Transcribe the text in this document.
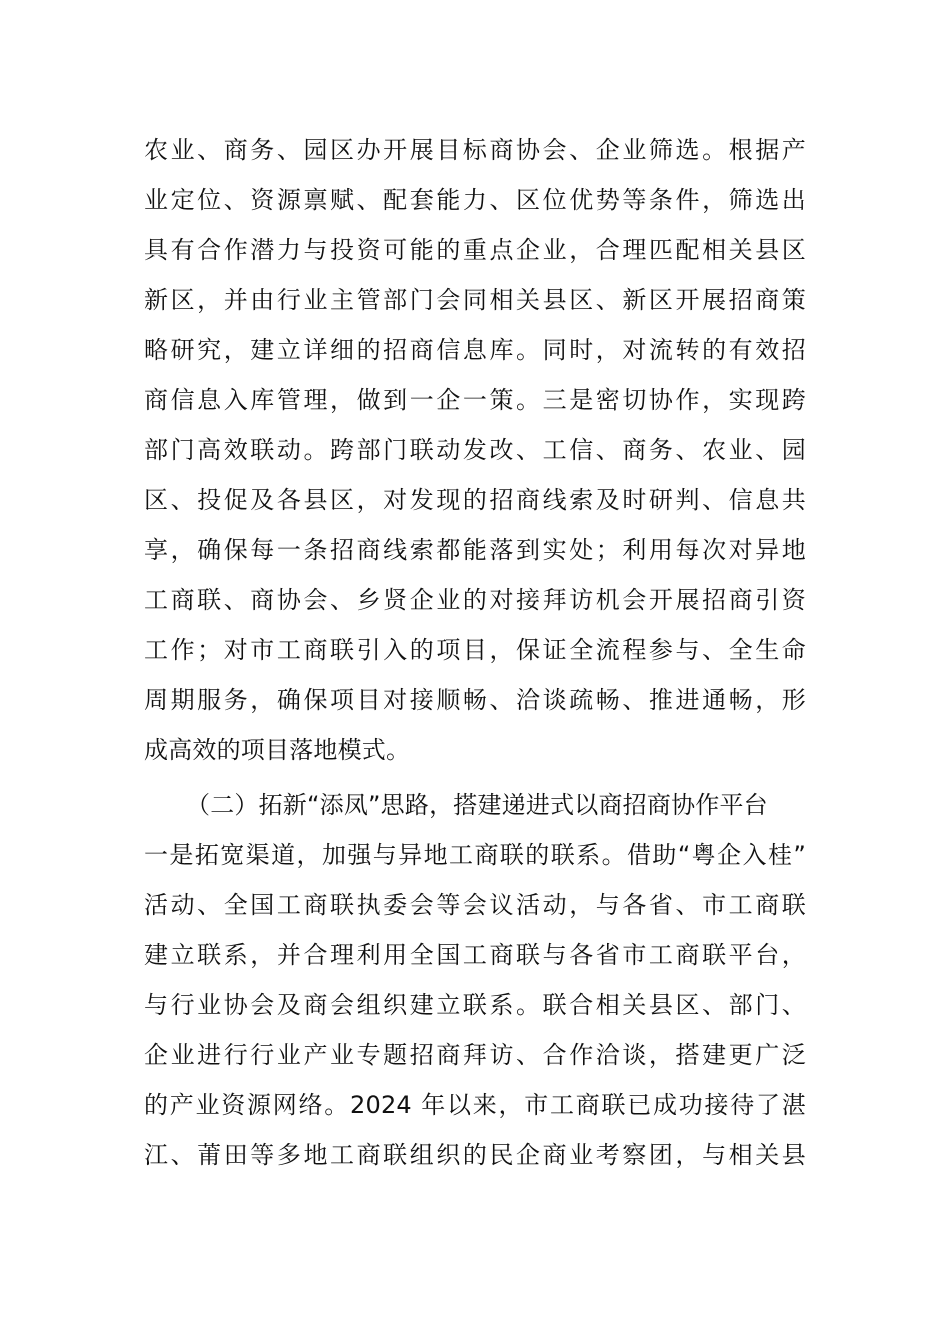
农业、商务、园区办开展目标商协会、企业筛选。根据产
业定位、资源禀赋、配套能力、区位优势等条件，筛选出
具有合作潜力与投资可能的重点企业，合理匹配相关县区
新区，并由行业主管部门会同相关县区、新区开展招商策
略研究，建立详细的招商信息库。同时，对流转的有效招
商信息入库管理，做到一企一策。三是密切协作，实现跨
部门高效联动。跨部门联动发改、工信、商务、农业、园
区、投促及各县区，对发现的招商线索及时研判、信息共
享，确保每一条招商线索都能落到实处；利用每次对异地
工商联、商协会、乡贤企业的对接拜访机会开展招商引资
工作；对市工商联引入的项目，保证全流程参与、全生命
周期服务，确保项目对接顺畅、洽谈疏畅、推进通畅，形
成高效的项目落地模式。
（二）拓新“添凤”思路，搭建递进式以商招商协作平台
一是拓宽渠道，加强与异地工商联的联系。借助“粤企入桂”
活动、全国工商联执委会等会议活动，与各省、市工商联
建立联系，并合理利用全国工商联与各省市工商联平台，
与行业协会及商会组织建立联系。联合相关县区、部门、
企业进行行业产业专题招商拜访、合作洽谈，搭建更广泛
的产业资源网络。2024 年以来，市工商联已成功接待了湛
江、莆田等多地工商联组织的民企商业考察团，与相关县
